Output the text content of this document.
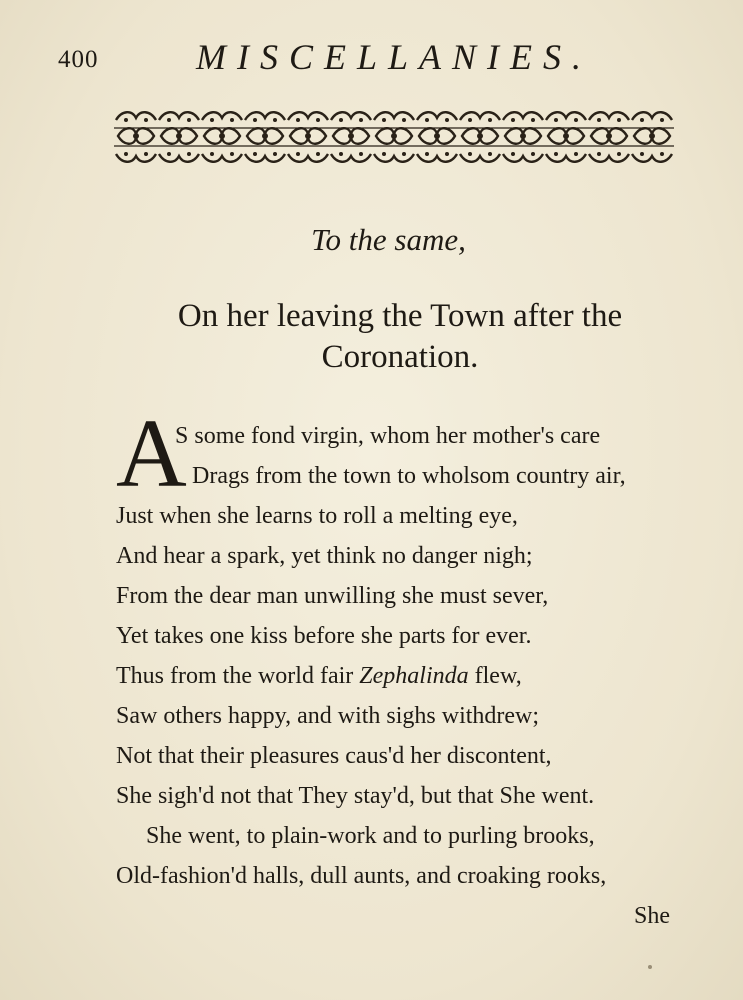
400	MISCELLANIES.
To the same,
On her leaving the Town after the
Coronation.
A
S some fond virgin, whom her mother's care
Drags from the town to wholsom country air,
Just when she learns to roll a melting eye,
And hear a spark, yet think no danger nigh;
From the dear man unwilling she must sever,
Yet takes one kiss before she parts for ever.
Thus from the world fair Zephalinda flew,
Saw others happy, and with sighs withdrew;
Not that their pleasures caus'd her discontent,
She sigh'd not that They stay'd, but that She went.
She went, to plain-work and to purling brooks,
Old-fashion'd halls, dull aunts, and croaking rooks,
She
